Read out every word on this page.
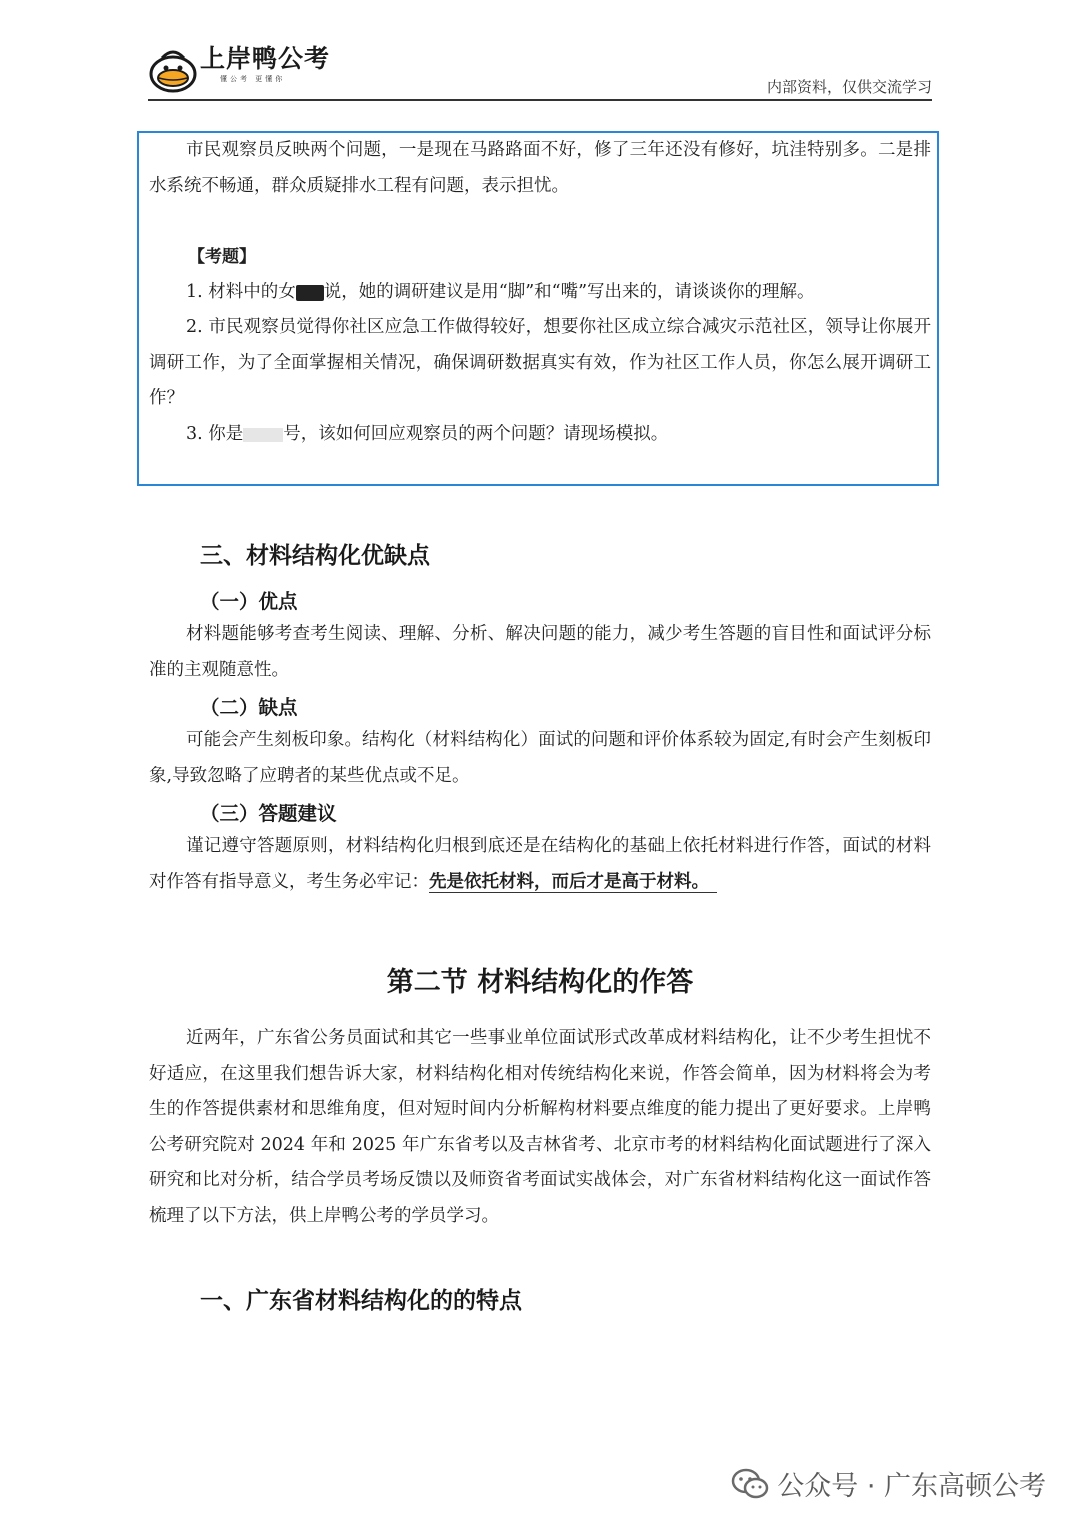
上岸鸭公考
懂公考 更懂你	内部资料，仅供交流学习

市民观察员反映两个问题，一是现在马路路面不好，修了三年还没有修好，坑洼特别多。二是排水系统不畅通，群众质疑排水工程有问题，表示担忧。

【考题】

1. 材料中的女 说，她的调研建议是用“脚”和“嘴”写出来的，请谈谈你的理解。

2. 市民观察员觉得你社区应急工作做得较好，想要你社区成立综合减灾示范社区，领导让你展开调研工作，为了全面掌握相关情况，确保调研数据真实有效，作为社区工作人员，你怎么展开调研工作？

3. 你是 号，该如何回应观察员的两个问题？请现场模拟。

三、材料结构化优缺点
（一）优点

材料题能够考查考生阅读、理解、分析、解决问题的能力，减少考生答题的盲目性和面试评分标准的主观随意性。

（二）缺点

可能会产生刻板印象。结构化（材料结构化）面试的问题和评价体系较为固定,有时会产生刻板印象,导致忽略了应聘者的某些优点或不足。

（三）答题建议

谨记遵守答题原则，材料结构化归根到底还是在结构化的基础上依托材料进行作答，面试的材料对作答有指导意义，考生务必牢记：先是依托材料，而后才是高于材料。

第二节 材料结构化的作答

近两年，广东省公务员面试和其它一些事业单位面试形式改革成材料结构化，让不少考生担忧不好适应，在这里我们想告诉大家，材料结构化相对传统结构化来说，作答会简单，因为材料将会为考生的作答提供素材和思维角度，但对短时间内分析解构材料要点维度的能力提出了更好要求。上岸鸭公考研究院对 2024 年和 2025 年广东省考以及吉林省考、北京市考的材料结构化面试题进行了深入研究和比对分析，结合学员考场反馈以及师资省考面试实战体会，对广东省材料结构化这一面试作答梳理了以下方法，供上岸鸭公考的学员学习。

一、广东省材料结构化的的特点
公众号 · 广东高顿公考
